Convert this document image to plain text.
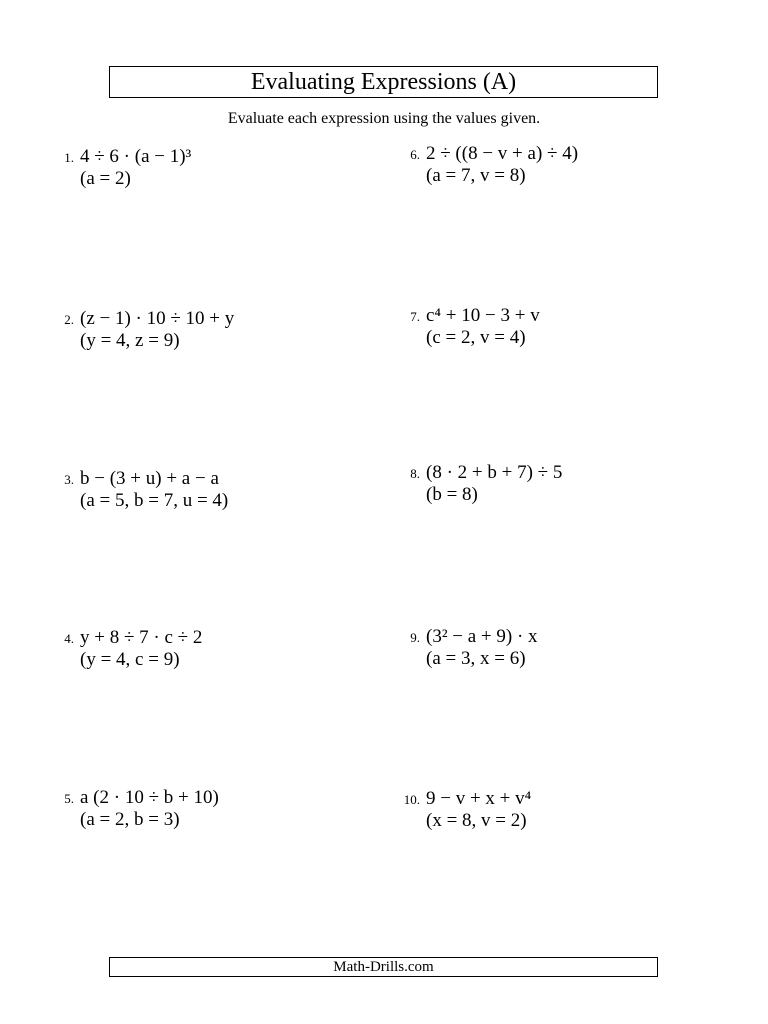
Evaluating Expressions (A)
Evaluate each expression using the values given.
1. 4 ÷ 6 · (a − 1)³
(a = 2)
2. (z − 1) · 10 ÷ 10 + y
(y = 4, z = 9)
3. b − (3 + u) + a − a
(a = 5, b = 7, u = 4)
4. y + 8 ÷ 7 · c ÷ 2
(y = 4, c = 9)
5. a (2 · 10 ÷ b + 10)
(a = 2, b = 3)
6. 2 ÷ ((8 − v + a) ÷ 4)
(a = 7, v = 8)
7. c⁴ + 10 − 3 + v
(c = 2, v = 4)
8. (8 · 2 + b + 7) ÷ 5
(b = 8)
9. (3² − a + 9) · x
(a = 3, x = 6)
10. 9 − v + x + v⁴
(x = 8, v = 2)
Math-Drills.com
